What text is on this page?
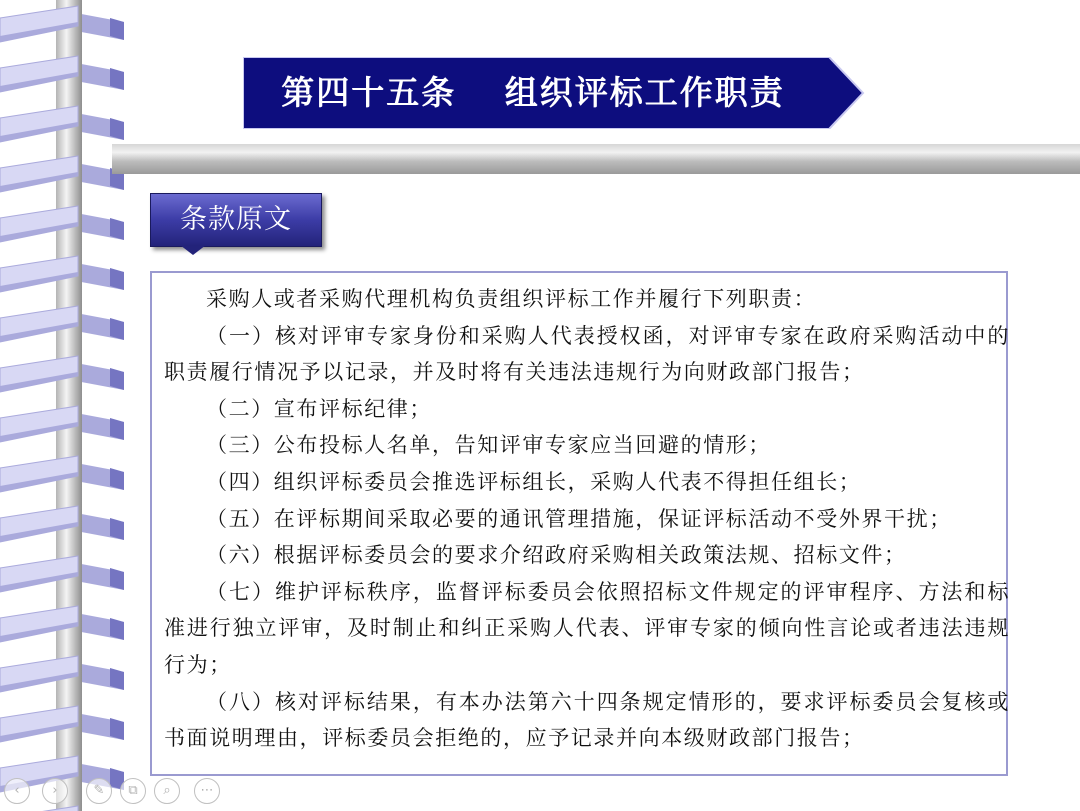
第四十五条　 组织评标工作职责
条款原文

采购人或者采购代理机构负责组织评标工作并履行下列职责：

（一）核对评审专家身份和采购人代表授权函，对评审专家在政府采购活动中的职责履行情况予以记录，并及时将有关违法违规行为向财政部门报告；

（二）宣布评标纪律；

（三）公布投标人名单，告知评审专家应当回避的情形；

（四）组织评标委员会推选评标组长，采购人代表不得担任组长；

（五）在评标期间采取必要的通讯管理措施，保证评标活动不受外界干扰；

（六）根据评标委员会的要求介绍政府采购相关政策法规、招标文件；

（七）维护评标秩序，监督评标委员会依照招标文件规定的评审程序、方法和标准进行独立评审，及时制止和纠正采购人代表、评审专家的倾向性言论或者违法违规行为；

（八）核对评标结果，有本办法第六十四条规定情形的，要求评标委员会复核或书面说明理由，评标委员会拒绝的，应予记录并向本级财政部门报告；

‹	›	✎	⧉	⌕	⋯
